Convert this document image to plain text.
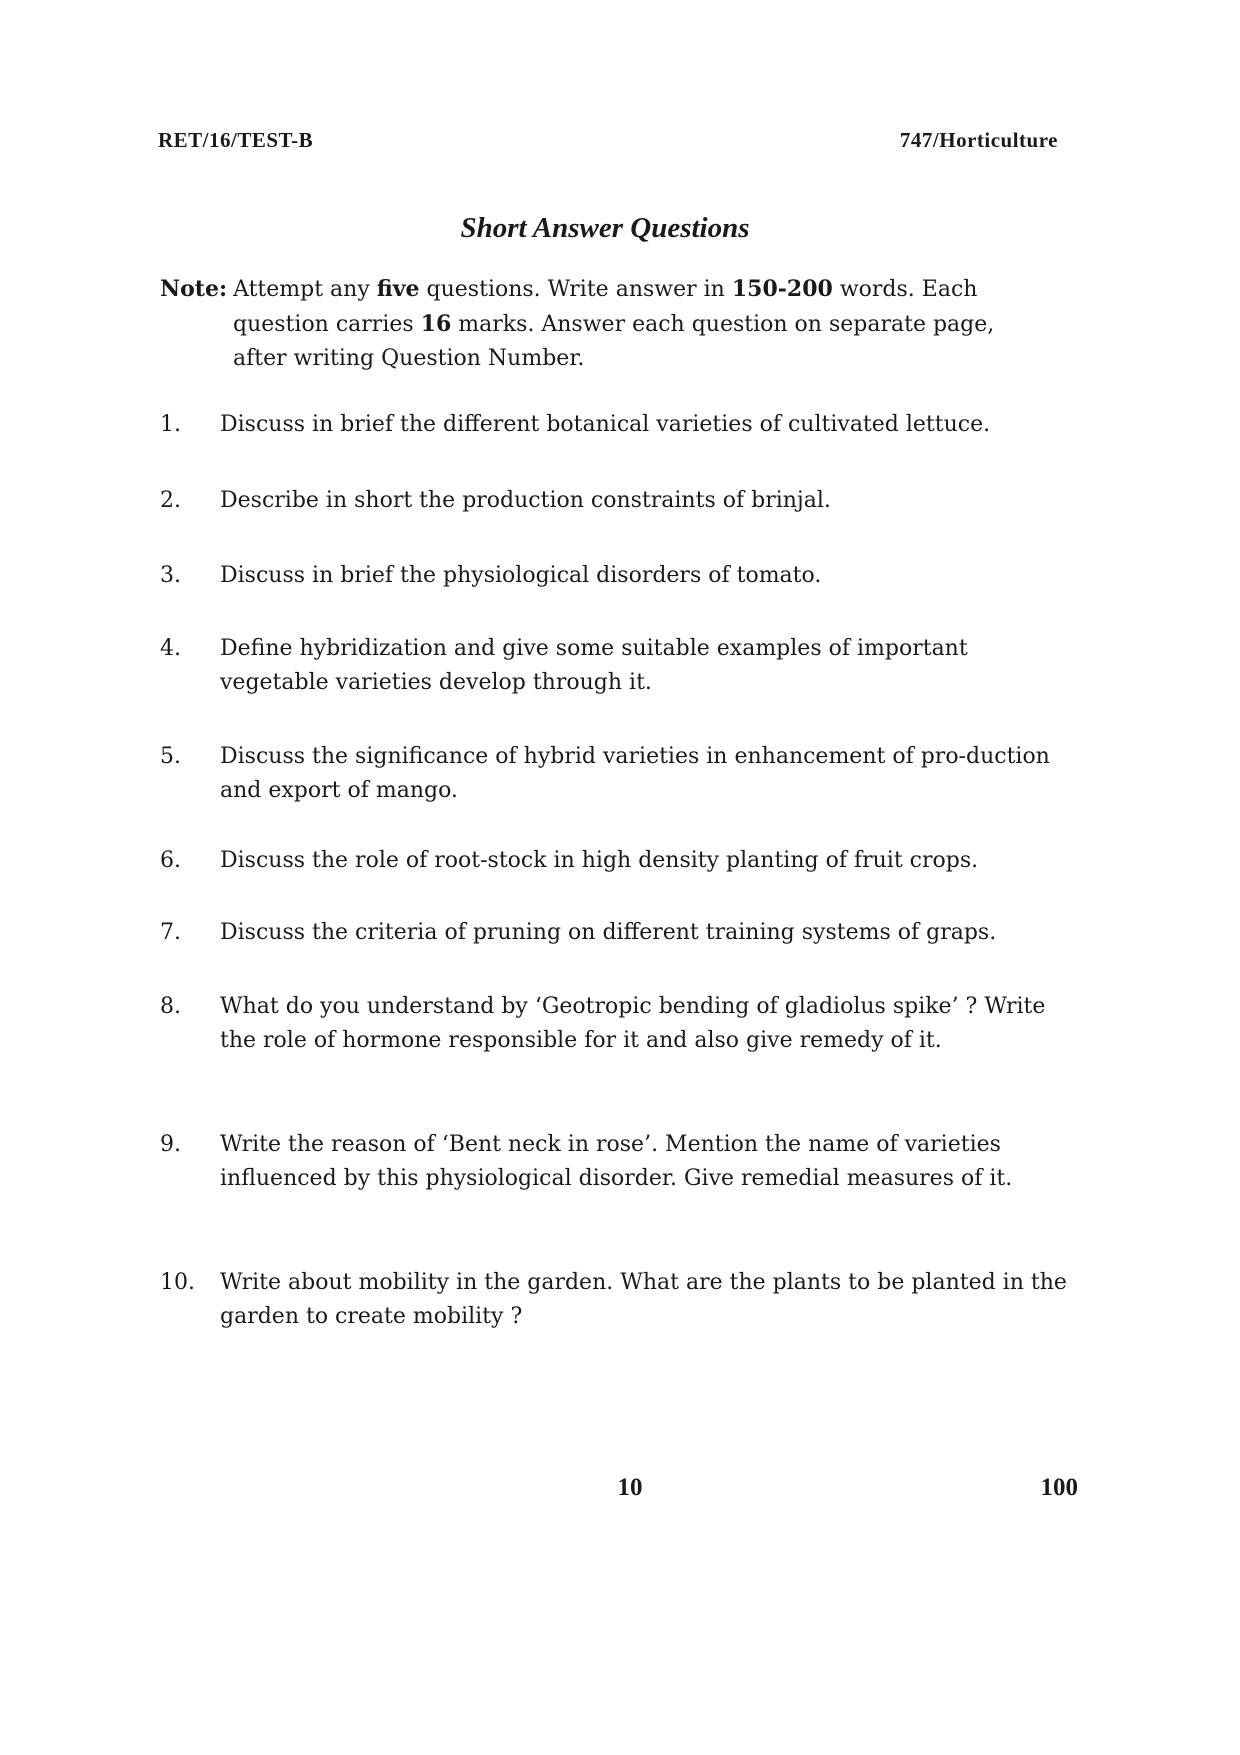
RET/16/TEST-B	747/Horticulture
Short Answer Questions
Note: Attempt any five questions. Write answer in 150-200 words. Each
question carries 16 marks. Answer each question on separate page,
after writing Question Number.
1.	Discuss in brief the different botanical varieties of cultivated lettuce.
2.	Describe in short the production constraints of brinjal.
3.	Discuss in brief the physiological disorders of tomato.
4.	Define hybridization and give some suitable examples of important vegetable varieties develop through it.
5.	Discuss the significance of hybrid varieties in enhancement of pro-duction and export of mango.
6.	Discuss the role of root-stock in high density planting of fruit crops.
7.	Discuss the criteria of pruning on different training systems of graps.
8.	What do you understand by ‘Geotropic bending of gladiolus spike’ ? Write the role of hormone responsible for it and also give remedy of it.
9.	Write the reason of ‘Bent neck in rose’. Mention the name of varieties influenced by this physiological disorder. Give remedial measures of it.
10.	Write about mobility in the garden. What are the plants to be planted in the garden to create mobility ?
10	100
